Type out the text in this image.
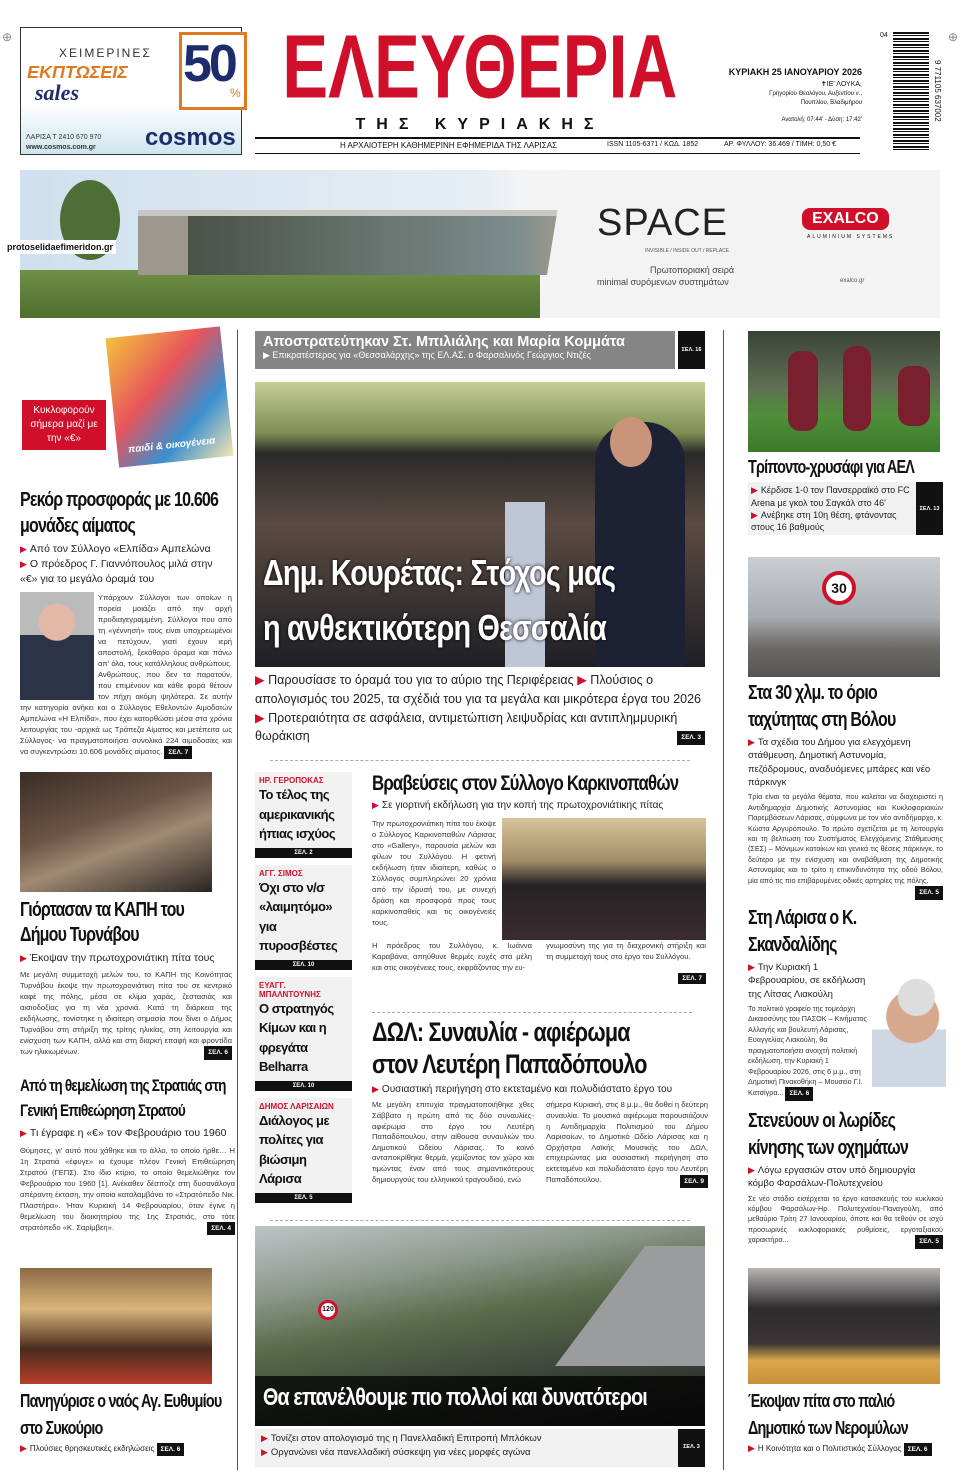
⊕	⊕
ΧΕΙΜΕΡΙΝΕΣ
ΕΚΠΤΩΣΕΙΣ
sales 50
%
ΛΑΡΙΣΑ Τ 2410 670 970
www.cosmos.com.gr cosmos
ΕΛΕΥΘΕΡΙΑ
ΤΗΣ ΚΥΡΙΑΚΗΣ
Η ΑΡΧΑΙΟΤΕΡΗ ΚΑΘΗΜΕΡΙΝΗ ΕΦΗΜΕΡΙΔΑ ΤΗΣ ΛΑΡΙΣΑΣ	ISSN 1105-6371 / ΚΩΔ. 1852	ΑΡ. ΦΥΛΛΟΥ: 36.469 / ΤΙΜΗ: 0,50 €
ΚΥΡΙΑΚΗ 25 ΙΑΝΟΥΑΡΙΟΥ 2026
✝ΙΕ' ΛΟΥΚΑ,
Γρηγορίου Θεολόγου, Αυξεντίου ν.,
Πουπλίου, Βλαδιμήρου
Ανατολή: 07:44' - Δύση: 17:42'	9 771105 637002
04
protoselidaefimeridon.gr
SPACE
INVISIBLE / INSIDE OUT / REPLACE
Πρωτοποριακή σειρά
minimal συρόμενων συστημάτων
EXALCO
ALUMINIUM SYSTEMS
exalco.gr
παιδί & οικογένεια
Κυκλοφορούν σήμερα μαζί με την «€»
Ρεκόρ προσφοράς με 10.606 μονάδες αίματος
▶ Από τον Σύλλογο «Ελπίδα» Αμπελώνα
▶ Ο πρόεδρος Γ. Γιαννόπουλος μιλά στην «€» για το μεγάλο όραμά του
Υπάρχουν Σύλλογοι των οποίων η πορεία μοιάζει από την αρχή προδιαγεγραμμένη. Σύλλογοι που από τη «γέννησή» τους είναι υποχρεωμένοι να πετύχουν, γιατί έχουν ιερή αποστολή, ξεκάθαρο όραμα και πάνω απ' όλα, τους κατάλληλους ανθρώπους. Ανθρώπους, που δεν τα παρατούν, που επιμένουν και κάθε φορά θέτουν τον πήχη ακόμη ψηλότερα. Σε αυτήν την κατηγορία ανήκει και ο Σύλλογος Εθελοντών Αιμοδοτών Αμπελώνα «Η Ελπίδα», που έχει κατορθώσει μέσα στα χρόνια λειτουργίας του -αρχικά ως Τράπεζα Αίματος και μετέπειτα ως Σύλλογος- να πραγματοποιήσει συνολικά 224 αιμοδοσίες και να συγκεντρώσει 10.606 μονάδες αίματος. ΣΕΛ. 7
Γιόρτασαν τα ΚΑΠΗ του Δήμου Τυρνάβου
▶ Έκοψαν την πρωτοχρονιάτικη πίτα τους
Με μεγάλη συμμετοχή μελών του, το ΚΑΠΗ της Κοινότητας Τυρνάβου έκοψε την πρωτοχρονιάτικη πίτα του σε κεντρικό καφέ της πόλης, μέσα σε κλίμα χαράς, ζεστασιάς και αισιοδοξίας για τη νέα χρονιά. Κατά τη διάρκεια της εκδήλωσης, τονίστηκε η ιδιαίτερη σημασία που δίνει ο Δήμος Τυρνάβου στη στήριξη της τρίτης ηλικίας, στη λειτουργία και ενίσχυση των ΚΑΠΗ, αλλά και στη διαρκή επαφή και φροντίδα των ηλικιωμένων.	ΣΕΛ. 6
Από τη θεμελίωση της Στρατιάς στη Γενική Επιθεώρηση Στρατού
▶ Τι έγραφε η «€» τον Φεβρουάριο του 1960
Θύμησες, γι' αυτό που χάθηκε και το άλλο, το οποίο ήρθε… Η 1η Στρατιά «έφυγε» κι έχουμε πλέον Γενική Επιθεώρηση Στρατού (ΓΕΠΣ). Στο ίδιο κτίριο, το οποίο θεμελιώθηκε τον Φεβρουάριο του 1960 [1]. Ανέκαθεν δέσποζε στη δυσανάλογα απέραντη έκταση, την οποία καταλαμβάνει το «Στρατόπεδο Νικ. Πλαστήρα». Ήταν Κυριακή 14 Φεβρουαρίου, όταν έγινε η θεμελίωση του διοικητηρίου της 1ης Στρατιάς, στο τότε στρατόπεδο «Κ. Σαρίμβεη».	ΣΕΛ. 4
Πανηγύρισε ο ναός Αγ. Ευθυμίου στο Συκούριο
▶ Πλούσιες θρησκευτικές εκδηλώσεις ΣΕΛ. 6
Αποστρατεύτηκαν Στ. Μπιλιάλης και Μαρία Κομμάτα
▶ Επικρατέστερος για «Θεσσαλάρχης» της ΕΛ.ΑΣ. ο Φαρσαλινός Γεώργιος Ντιζές	ΣΕΛ. 16
Δημ. Κουρέτας: Στόχος μας
η ανθεκτικότερη Θεσσαλία
▶ Παρουσίασε το όραμά του για το αύριο της Περιφέρειας ▶ Πλούσιος ο απολογισμός του 2025, τα σχέδιά του για τα μεγάλα και μικρότερα έργα του 2026 ▶ Προτεραιότητα σε ασφάλεια, αντιμετώπιση λειψυδρίας και αντιπλημμυρική θωράκιση	ΣΕΛ. 3
ΗΡ. ΓΕΡΟΠΟΚΑΣ
Το τέλος της αμερικανικής ήπιας ισχύος
ΣΕΛ. 2
ΑΓΓ. ΣΙΜΟΣ
Όχι στο ν/σ «λαιμητόμο» για πυροσβέστες
ΣΕΛ. 10
ΕΥΑΓΓ. ΜΠΑΛΝΤΟΥΝΗΣ
Ο στρατηγός Κίμων και η φρεγάτα Belharra
ΣΕΛ. 10
ΔΗΜΟΣ ΛΑΡΙΣΑΙΩΝ
Διάλογος με πολίτες για βιώσιμη Λάρισα
ΣΕΛ. 5
Βραβεύσεις στον Σύλλογο Καρκινοπαθών
▶ Σε γιορτινή εκδήλωση για την κοπή της πρωτοχρονιάτικης πίτας
Την πρωτοχρονιάτικη πίτα του έκοψε ο Σύλλογος Καρκινοπαθών Λάρισας στο «Gallery», παρουσία μελών και φίλων του Συλλόγου. Η φετινή εκδήλωση ήταν ιδιαίτερη, καθώς ο Σύλλογος συμπληρώνει 20 χρόνια από την ίδρυσή του, με συνεχή δράση και προσφορά προς τους καρκινοπαθείς και τις οικογένειές τους.
Η πρόεδρος του Συλλόγου, κ. Ιωάννα Καραβάνα, απηύθυνε θερμές ευχές στα μέλη και στις οικογένειες τους, εκφράζοντας την ευ-
γνωμοσύνη της για τη διαχρονική στήριξη και τη συμμετοχή τους στο έργο του Συλλόγου.
ΣΕΛ. 7
ΔΩΛ: Συναυλία - αφιέρωμα
στον Λευτέρη Παπαδόπουλο
▶ Ουσιαστική περιήγηση στο εκτεταμένο και πολυδιάστατο έργο του
Με μεγάλη επιτυχία πραγματοποιήθηκε χθες Σάββατο η πρώτη από τις δύο συναυλίες-αφιέρωμα στο έργο του Λευτέρη Παπαδόπουλου, στην αίθουσα συναυλιών του Δημοτικού Ωδείου Λάρισας. Το κοινό ανταποκρίθηκε θερμά, γεμίζοντας τον χώρο και τιμώντας έναν από τους σημαντικότερους δημιουργούς του ελληνικού τραγουδιού, ενώ
σήμερα Κυριακή, στις 8 μ.μ., θα δοθεί η δεύτερη συναυλία. Το μουσικό αφιέρωμα παρουσιάζουν η Αντιδημαρχία Πολιτισμού του Δήμου Λαρισαίων, το Δημοτικό Ωδείο Λάρισας και η Ορχήστρα Λαϊκής Μουσικής του ΔΩΛ, επιχειρώντας μια ουσιαστική περιήγηση στο εκτεταμένο και πολυδιάστατο έργο του Λευτέρη Παπαδόπουλου.	ΣΕΛ. 9
120
Θα επανέλθουμε πιο πολλοί και δυνατότεροι
▶ Τονίζει στον απολογισμό της η Πανελλαδική Επιτροπή Μπλόκων
▶ Οργανώνει νέα πανελλαδική σύσκεψη για νέες μορφές αγώνα	ΣΕΛ. 3
Τρίποντο-χρυσάφι για ΑΕΛ
▶ Κέρδισε 1-0 τον Πανσερραϊκό στο FC Arena με γκολ του Σαγκάλ στο 46' ▶ Ανέβηκε στη 10η θέση, φτάνοντας στους 16 βαθμούς
ΣΕΛ. 13
30
Στα 30 χλμ. το όριο ταχύτητας στη Βόλου
▶ Τα σχέδια του Δήμου για ελεγχόμενη στάθμευση, Δημοτική Αστυνομία, πεζόδρομους, αναδυόμενες μπάρες και νέο πάρκινγκ
Τρία είναι τα μεγάλα θέματα, που καλείται να διαχειριστεί η Αντιδημαρχία Δημοτικής Αστυνομίας και Κυκλοφοριακών Παρεμβάσεων Λάρισας, σύμφωνα με τον νέο αντιδήμαρχο, κ. Κώστα Αργυρόπουλο. Το πρώτο σχετίζεται με τη λειτουργία και τη βελτίωση του Συστήματος Ελεγχόμενης Στάθμευσης (ΣΕΣ) – Μόνιμων κατοίκων και γενικά τις θέσεις πάρκινγκ, το δεύτερο με την ενίσχυση και αναβάθμιση της Δημοτικής Αστυνομίας και το τρίτο η επικινδυνότητα της οδού Βόλου, μία από τις πιο επιβαρυμένες οδικές αρτηρίες της πόλης.
ΣΕΛ. 5
Στη Λάρισα ο Κ. Σκανδαλίδης
▶ Την Κυριακή 1 Φεβρουαρίου, σε εκδήλωση της Λίτσας Λιακούλη
Το πολιτικό γραφείο της τομεάρχη Δικαιοσύνης του ΠΑΣΟΚ – Κινήματος Αλλαγής και βουλευτή Λάρισας, Ευαγγελίας Λιακούλη, θα πραγματοποιήσει ανοιχτή πολιτική εκδήλωση, την Κυριακή 1 Φεβρουαρίου 2026, στις 6 μ.μ., στη Δημοτική Πινακοθήκη – Μουσείο Γ.Ι. Κατσίγρα... ΣΕΛ. 6
Στενεύουν οι λωρίδες κίνησης των οχημάτων
▶ Λόγω εργασιών στον υπό δημιουργία κόμβο Φαρσάλων-Πολυτεχνείου
Σε νέο στάδιο εισέρχεται το έργο κατασκευής του κυκλικού κόμβου Φαρσάλων-Ηρ. Πολυτεχνείου-Παναγούλη, από μεθαύριο Τρίτη 27 Ιανουαρίου, όποτε και θα τεθούν σε ισχύ προσωρινές κυκλοφοριακές ρυθμίσεις, εργοταξιακού χαρακτήρα...	ΣΕΛ. 5
Έκοψαν πίτα στο παλιό Δημοτικό των Νερομύλων
▶ Η Κοινότητα και ο Πολιτιστικός Σύλλογος ΣΕΛ. 6
